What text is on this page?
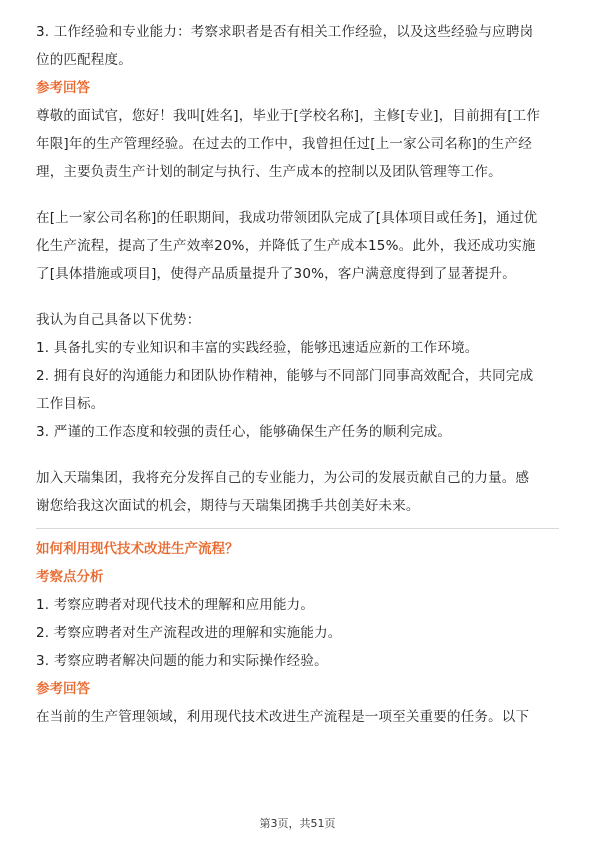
3. 工作经验和专业能力：考察求职者是否有相关工作经验，以及这些经验与应聘岗

位的匹配程度。

参考回答

尊敬的面试官，您好！我叫[姓名]，毕业于[学校名称]，主修[专业]，目前拥有[工作

年限]年的生产管理经验。在过去的工作中，我曾担任过[上一家公司名称]的生产经

理，主要负责生产计划的制定与执行、生产成本的控制以及团队管理等工作。

在[上一家公司名称]的任职期间，我成功带领团队完成了[具体项目或任务]，通过优

化生产流程，提高了生产效率20%，并降低了生产成本15%。此外，我还成功实施

了[具体措施或项目]，使得产品质量提升了30%，客户满意度得到了显著提升。

我认为自己具备以下优势：

1. 具备扎实的专业知识和丰富的实践经验，能够迅速适应新的工作环境。

2. 拥有良好的沟通能力和团队协作精神，能够与不同部门同事高效配合，共同完成

工作目标。

3. 严谨的工作态度和较强的责任心，能够确保生产任务的顺利完成。

加入天瑞集团，我将充分发挥自己的专业能力，为公司的发展贡献自己的力量。感

谢您给我这次面试的机会，期待与天瑞集团携手共创美好未来。

如何利用现代技术改进生产流程？

考察点分析

1. 考察应聘者对现代技术的理解和应用能力。

2. 考察应聘者对生产流程改进的理解和实施能力。

3. 考察应聘者解决问题的能力和实际操作经验。

参考回答

在当前的生产管理领域，利用现代技术改进生产流程是一项至关重要的任务。以下

第3页，共51页
